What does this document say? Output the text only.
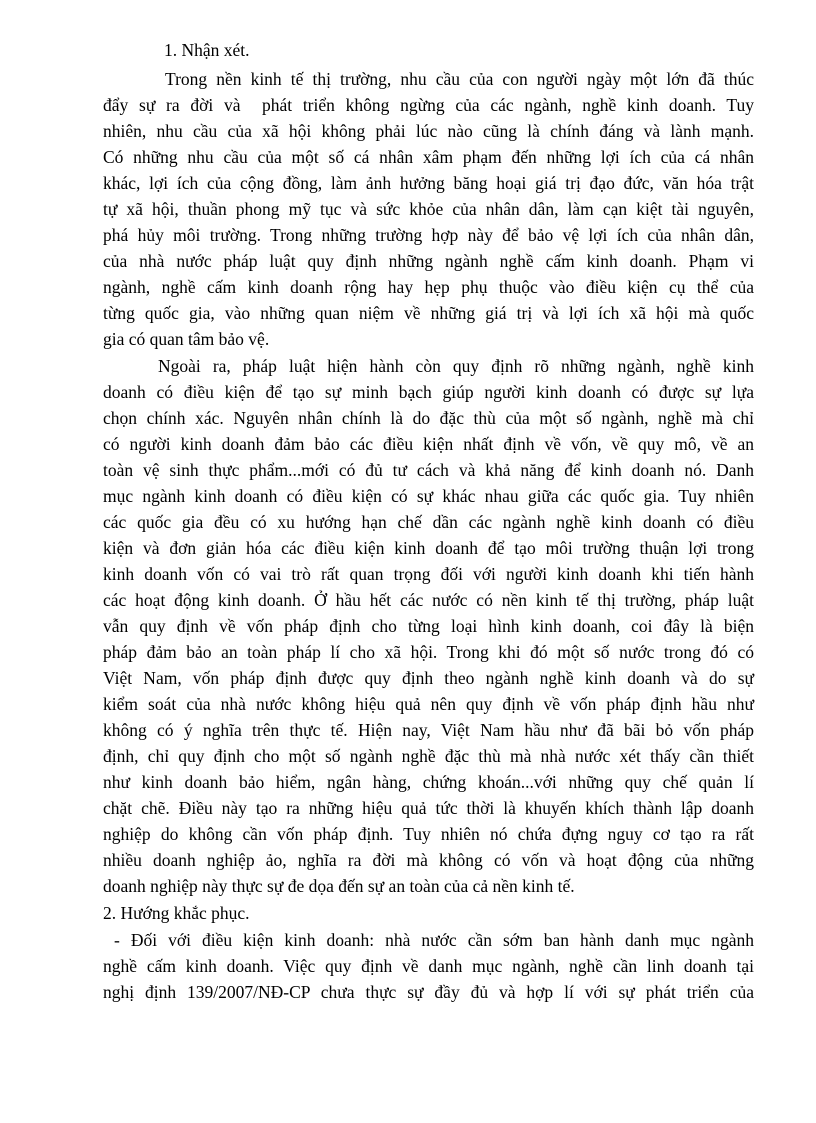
1. Nhận xét.
Trong nền kinh tế thị trường, nhu cầu của con người ngày một lớn đã thúc
đẩy sự ra đời và  phát triển không ngừng của các ngành, nghề kinh doanh. Tuy
nhiên, nhu cầu của xã hội không phải lúc nào cũng là chính đáng và lành mạnh.
Có những nhu cầu của một số cá nhân xâm phạm đến những lợi ích của cá nhân
khác, lợi ích của cộng đồng, làm ảnh hưởng băng hoại giá trị đạo đức, văn hóa trật
tự xã hội, thuần phong mỹ tục và sức khỏe của nhân dân, làm cạn kiệt tài nguyên,
phá hủy môi trường. Trong những trường hợp này để bảo vệ lợi ích của nhân dân,
của nhà nước pháp luật quy định những ngành nghề cấm kinh doanh. Phạm vi
ngành, nghề cấm kinh doanh rộng hay hẹp phụ thuộc vào điều kiện cụ thể của
từng quốc gia, vào những quan niệm về những giá trị và lợi ích xã hội mà quốc
gia có quan tâm bảo vệ.
Ngoài ra, pháp luật hiện hành còn quy định rõ những ngành, nghề kinh
doanh có điều kiện để tạo sự minh bạch giúp người kinh doanh có được sự lựa
chọn chính xác. Nguyên nhân chính là do đặc thù của một số ngành, nghề mà chỉ
có người kinh doanh đảm bảo các điều kiện nhất định về vốn, về quy mô, về an
toàn vệ sinh thực phẩm...mới có đủ tư cách và khả năng để kinh doanh nó. Danh
mục ngành kinh doanh có điều kiện có sự khác nhau giữa các quốc gia. Tuy nhiên
các quốc gia đều có xu hướng hạn chế dần các ngành nghề kinh doanh có điều
kiện và đơn giản hóa các điều kiện kinh doanh để tạo môi trường thuận lợi trong
kinh doanh vốn có vai trò rất quan trọng đối với người kinh doanh khi tiến hành
các hoạt động kinh doanh. Ở hầu hết các nước có nền kinh tế thị trường, pháp luật
vẫn quy định về vốn pháp định cho từng loại hình kinh doanh, coi đây là biện
pháp đảm bảo an toàn pháp lí cho xã hội. Trong khi đó một số nước trong đó có
Việt Nam, vốn pháp định được quy định theo ngành nghề kinh doanh và do sự
kiểm soát của nhà nước không hiệu quả nên quy định về vốn pháp định hầu như
không có ý nghĩa trên thực tế. Hiện nay, Việt Nam hầu như đã bãi bỏ vốn pháp
định, chỉ quy định cho một số ngành nghề đặc thù mà nhà nước xét thấy cần thiết
như kinh doanh bảo hiểm, ngân hàng, chứng khoán...với những quy chế quản lí
chặt chẽ. Điều này tạo ra những hiệu quả tức thời là khuyến khích thành lập doanh
nghiệp do không cần vốn pháp định. Tuy nhiên nó chứa đựng nguy cơ tạo ra rất
nhiều doanh nghiệp ảo, nghĩa ra đời mà không có vốn và hoạt động của những
doanh nghiệp này thực sự đe dọa đến sự an toàn của cả nền kinh tế.
2. Hướng khắc phục.
- Đối với điều kiện kinh doanh: nhà nước cần sớm ban hành danh mục ngành
nghề cấm kinh doanh. Việc quy định về danh mục ngành, nghề cần linh doanh tại
nghị định 139/2007/NĐ-CP chưa thực sự đầy đủ và hợp lí với sự phát triển của
